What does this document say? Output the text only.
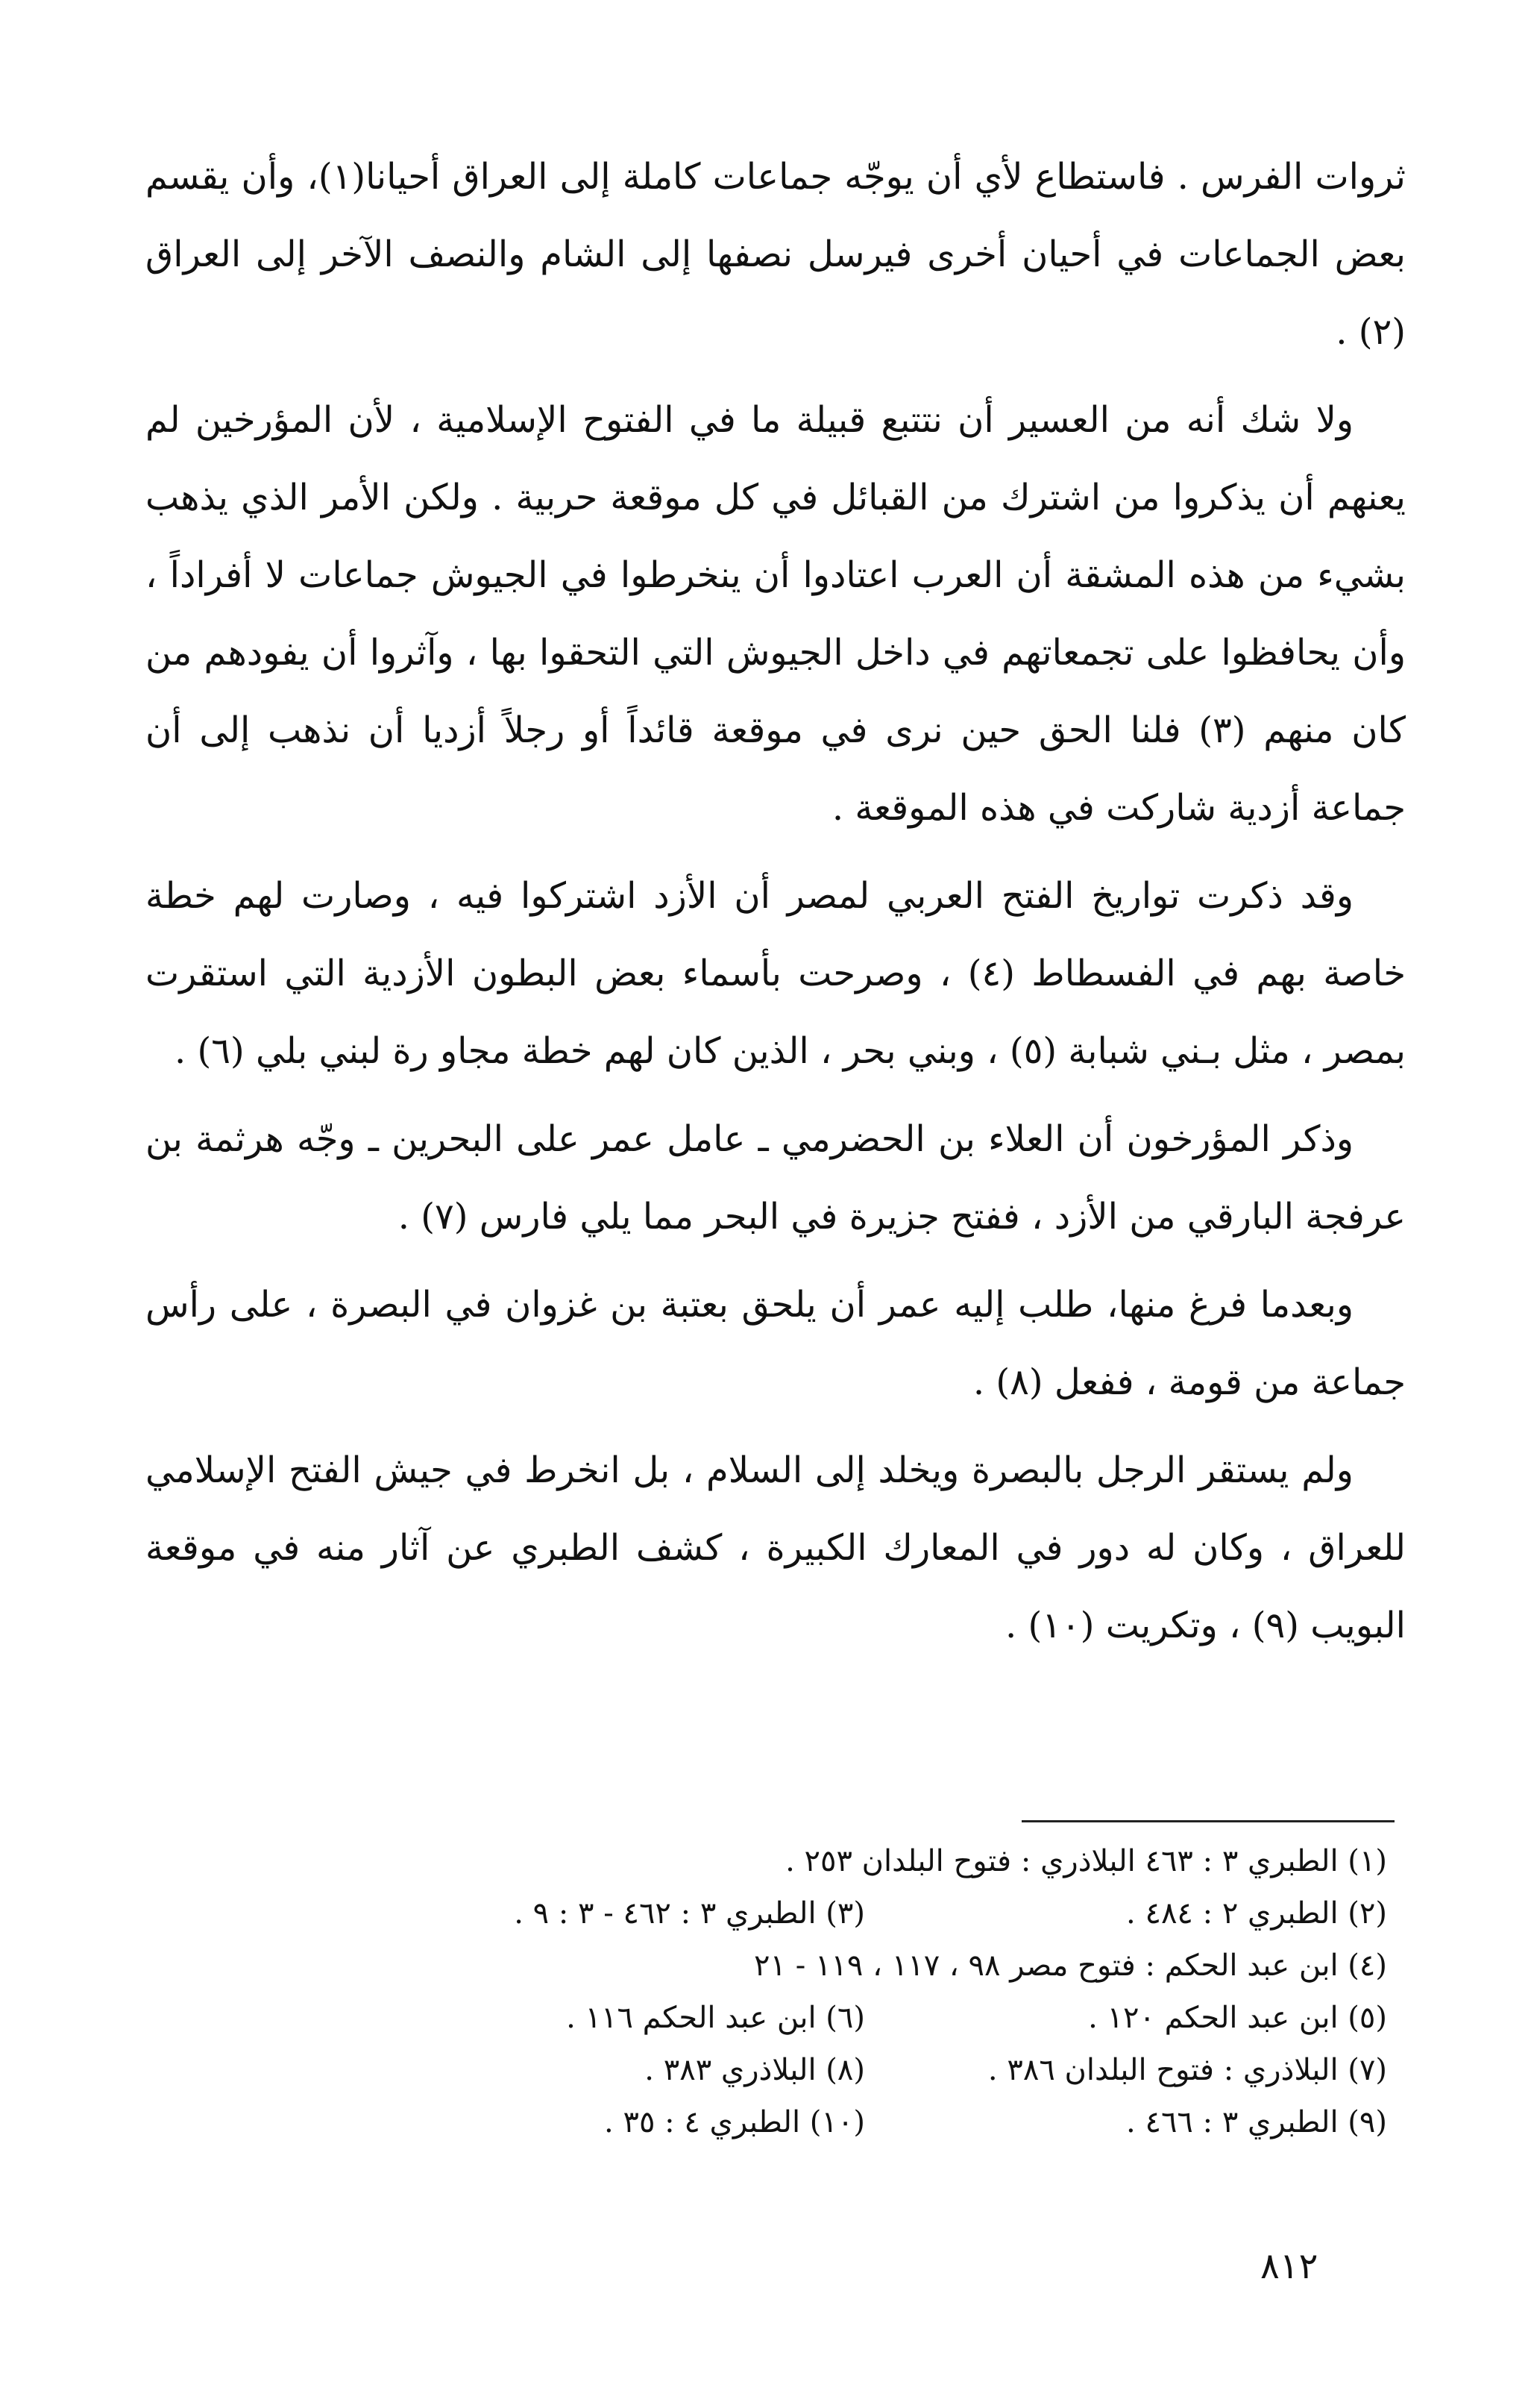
ثروات الفرس . فاستطاع لأي أن يوجّه جماعات كاملة إلى العراق أحيانا(١)، وأن يقسم بعض الجماعات في أحيان أخرى فيرسل نصفها إلى الشام والنصف الآخر إلى العراق (٢) .

ولا شك أنه من العسير أن نتتبع قبيلة ما في الفتوح الإسلامية ، لأن المؤرخين لم يعنهم أن يذكروا من اشترك من القبائل في كل موقعة حربية . ولكن الأمر الذي يذهب بشيء من هذه المشقة أن العرب اعتادوا أن ينخرطوا في الجيوش جماعات لا أفراداً ، وأن يحافظوا على تجمعاتهم في داخل الجيوش التي التحقوا بها ، وآثروا أن يفودهم من كان منهم (٣) فلنا الحق حين نرى في موقعة قائداً أو رجلاً أزديا أن نذهب إلى أن جماعة أزدية شاركت في هذه الموقعة .

وقد ذكرت تواريخ الفتح العربي لمصر أن الأزد اشتركوا فيه ، وصارت لهم خطة خاصة بهم في الفسطاط (٤) ، وصرحت بأسماء بعض البطون الأزدية التي استقرت بمصر ، مثل بـني شبابة (٥) ، وبني بحر ، الذين كان لهم خطة مجاو رة لبني بلي (٦) .

وذكر المؤرخون أن العلاء بن الحضرمي ـ عامل عمر على البحرين ـ وجّه هرثمة بن عرفجة البارقي من الأزد ، ففتح جزيرة في البحر مما يلي فارس (٧) .

وبعدما فرغ منها، طلب إليه عمر أن يلحق بعتبة بن غزوان في البصرة ، على رأس جماعة من قومة ، ففعل (٨) .

ولم يستقر الرجل بالبصرة ويخلد إلى السلام ، بل انخرط في جيش الفتح الإسلامي للعراق ، وكان له دور في المعارك الكبيرة ، كشف الطبري عن آثار منه في موقعة البويب (٩) ، وتكريت (١٠) .

(١) الطبري ٣ : ٤٦٣ البلاذري : فتوح البلدان ٢٥٣ .
(٢) الطبري ٢ : ٤٨٤ .
(٣) الطبري ٣ : ٤٦٢ - ٣ : ٩ .
(٤) ابن عبد الحكم : فتوح مصر ٩٨ ، ١١٧ ، ١١٩ - ٢١
(٥) ابن عبد الحكم ١٢٠ .
(٦) ابن عبد الحكم ١١٦ .
(٧) البلاذري : فتوح البلدان ٣٨٦ .
(٨) البلاذري ٣٨٣ .
(٩) الطبري ٣ : ٤٦٦ .
(١٠) الطبري ٤ : ٣٥ .
٨١٢
